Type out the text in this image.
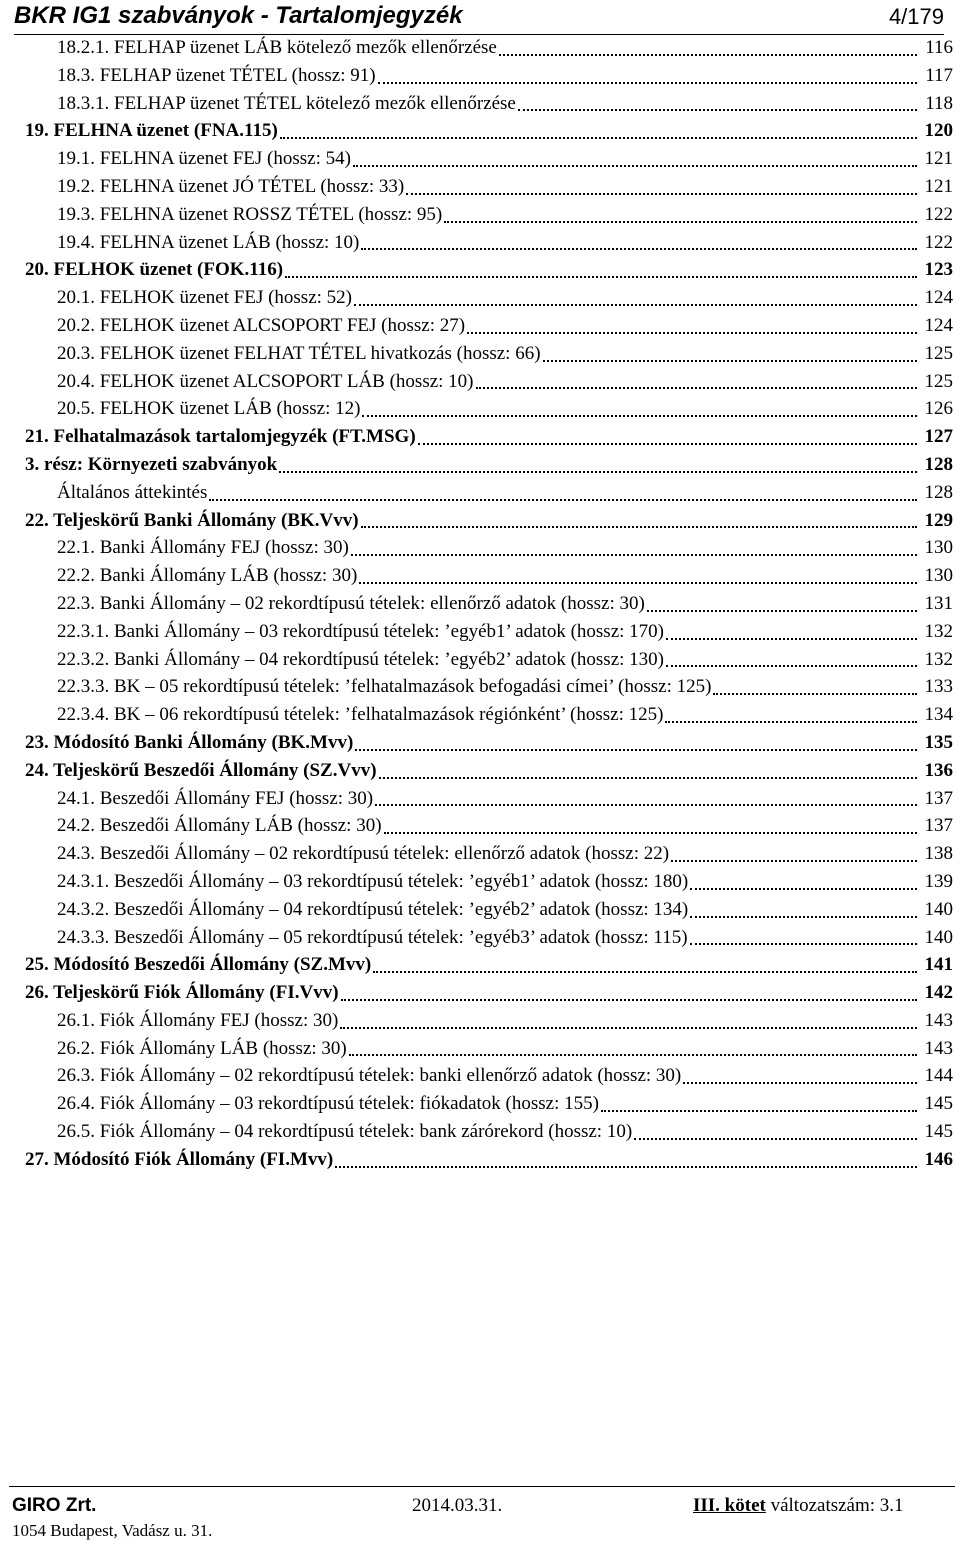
BKR IG1 szabványok - Tartalomjegyzék	4/179
18.2.1. FELHAP üzenet LÁB kötelező mezők ellenőrzése	116
18.3. FELHAP üzenet TÉTEL (hossz: 91)	117
18.3.1. FELHAP üzenet TÉTEL kötelező mezők ellenőrzése	118
19. FELHNA üzenet (FNA.115)	120
19.1. FELHNA üzenet FEJ (hossz: 54)	121
19.2. FELHNA üzenet JÓ TÉTEL (hossz: 33)	121
19.3. FELHNA üzenet ROSSZ TÉTEL (hossz: 95)	122
19.4. FELHNA üzenet LÁB (hossz: 10)	122
20. FELHOK üzenet (FOK.116)	123
20.1. FELHOK üzenet FEJ (hossz: 52)	124
20.2. FELHOK üzenet ALCSOPORT FEJ (hossz: 27)	124
20.3. FELHOK üzenet FELHAT TÉTEL hivatkozás (hossz: 66)	125
20.4. FELHOK üzenet ALCSOPORT LÁB (hossz: 10)	125
20.5. FELHOK üzenet LÁB (hossz: 12)	126
21. Felhatalmazások tartalomjegyzék (FT.MSG)	127
3. rész: Környezeti szabványok	128
Általános áttekintés	128
22. Teljeskörű Banki Állomány (BK.Vvv)	129
22.1. Banki Állomány FEJ (hossz: 30)	130
22.2. Banki Állomány LÁB (hossz: 30)	130
22.3. Banki Állomány – 02 rekordtípusú tételek: ellenőrző adatok (hossz: 30)	131
22.3.1. Banki Állomány – 03 rekordtípusú tételek: ’egyéb1’ adatok (hossz: 170)	132
22.3.2. Banki Állomány – 04 rekordtípusú tételek: ’egyéb2’ adatok (hossz: 130)	132
22.3.3. BK – 05 rekordtípusú tételek: ’felhatalmazások befogadási címei’ (hossz: 125)	133
22.3.4. BK – 06 rekordtípusú tételek: ’felhatalmazások régiónként’ (hossz: 125)	134
23. Módosító Banki Állomány (BK.Mvv)	135
24. Teljeskörű Beszedői Állomány (SZ.Vvv)	136
24.1. Beszedői Állomány FEJ (hossz: 30)	137
24.2. Beszedői Állomány LÁB (hossz: 30)	137
24.3. Beszedői Állomány – 02 rekordtípusú tételek: ellenőrző adatok (hossz: 22)	138
24.3.1. Beszedői Állomány – 03 rekordtípusú tételek: ’egyéb1’ adatok (hossz: 180)	139
24.3.2. Beszedői Állomány – 04 rekordtípusú tételek: ’egyéb2’ adatok (hossz: 134)	140
24.3.3. Beszedői Állomány – 05 rekordtípusú tételek: ’egyéb3’ adatok (hossz: 115)	140
25. Módosító Beszedői Állomány (SZ.Mvv)	141
26. Teljeskörű Fiók Állomány (FI.Vvv)	142
26.1. Fiók Állomány FEJ (hossz: 30)	143
26.2. Fiók Állomány LÁB (hossz: 30)	143
26.3. Fiók Állomány – 02 rekordtípusú tételek: banki ellenőrző adatok (hossz: 30)	144
26.4. Fiók Állomány – 03 rekordtípusú tételek: fiókadatok (hossz: 155)	145
26.5. Fiók Állomány – 04 rekordtípusú tételek: bank zárórekord (hossz: 10)	145
27. Módosító Fiók Állomány (FI.Mvv)	146
GIRO Zrt.
1054 Budapest, Vadász u. 31.
2014.03.31.	III. kötet változatszám: 3.1
